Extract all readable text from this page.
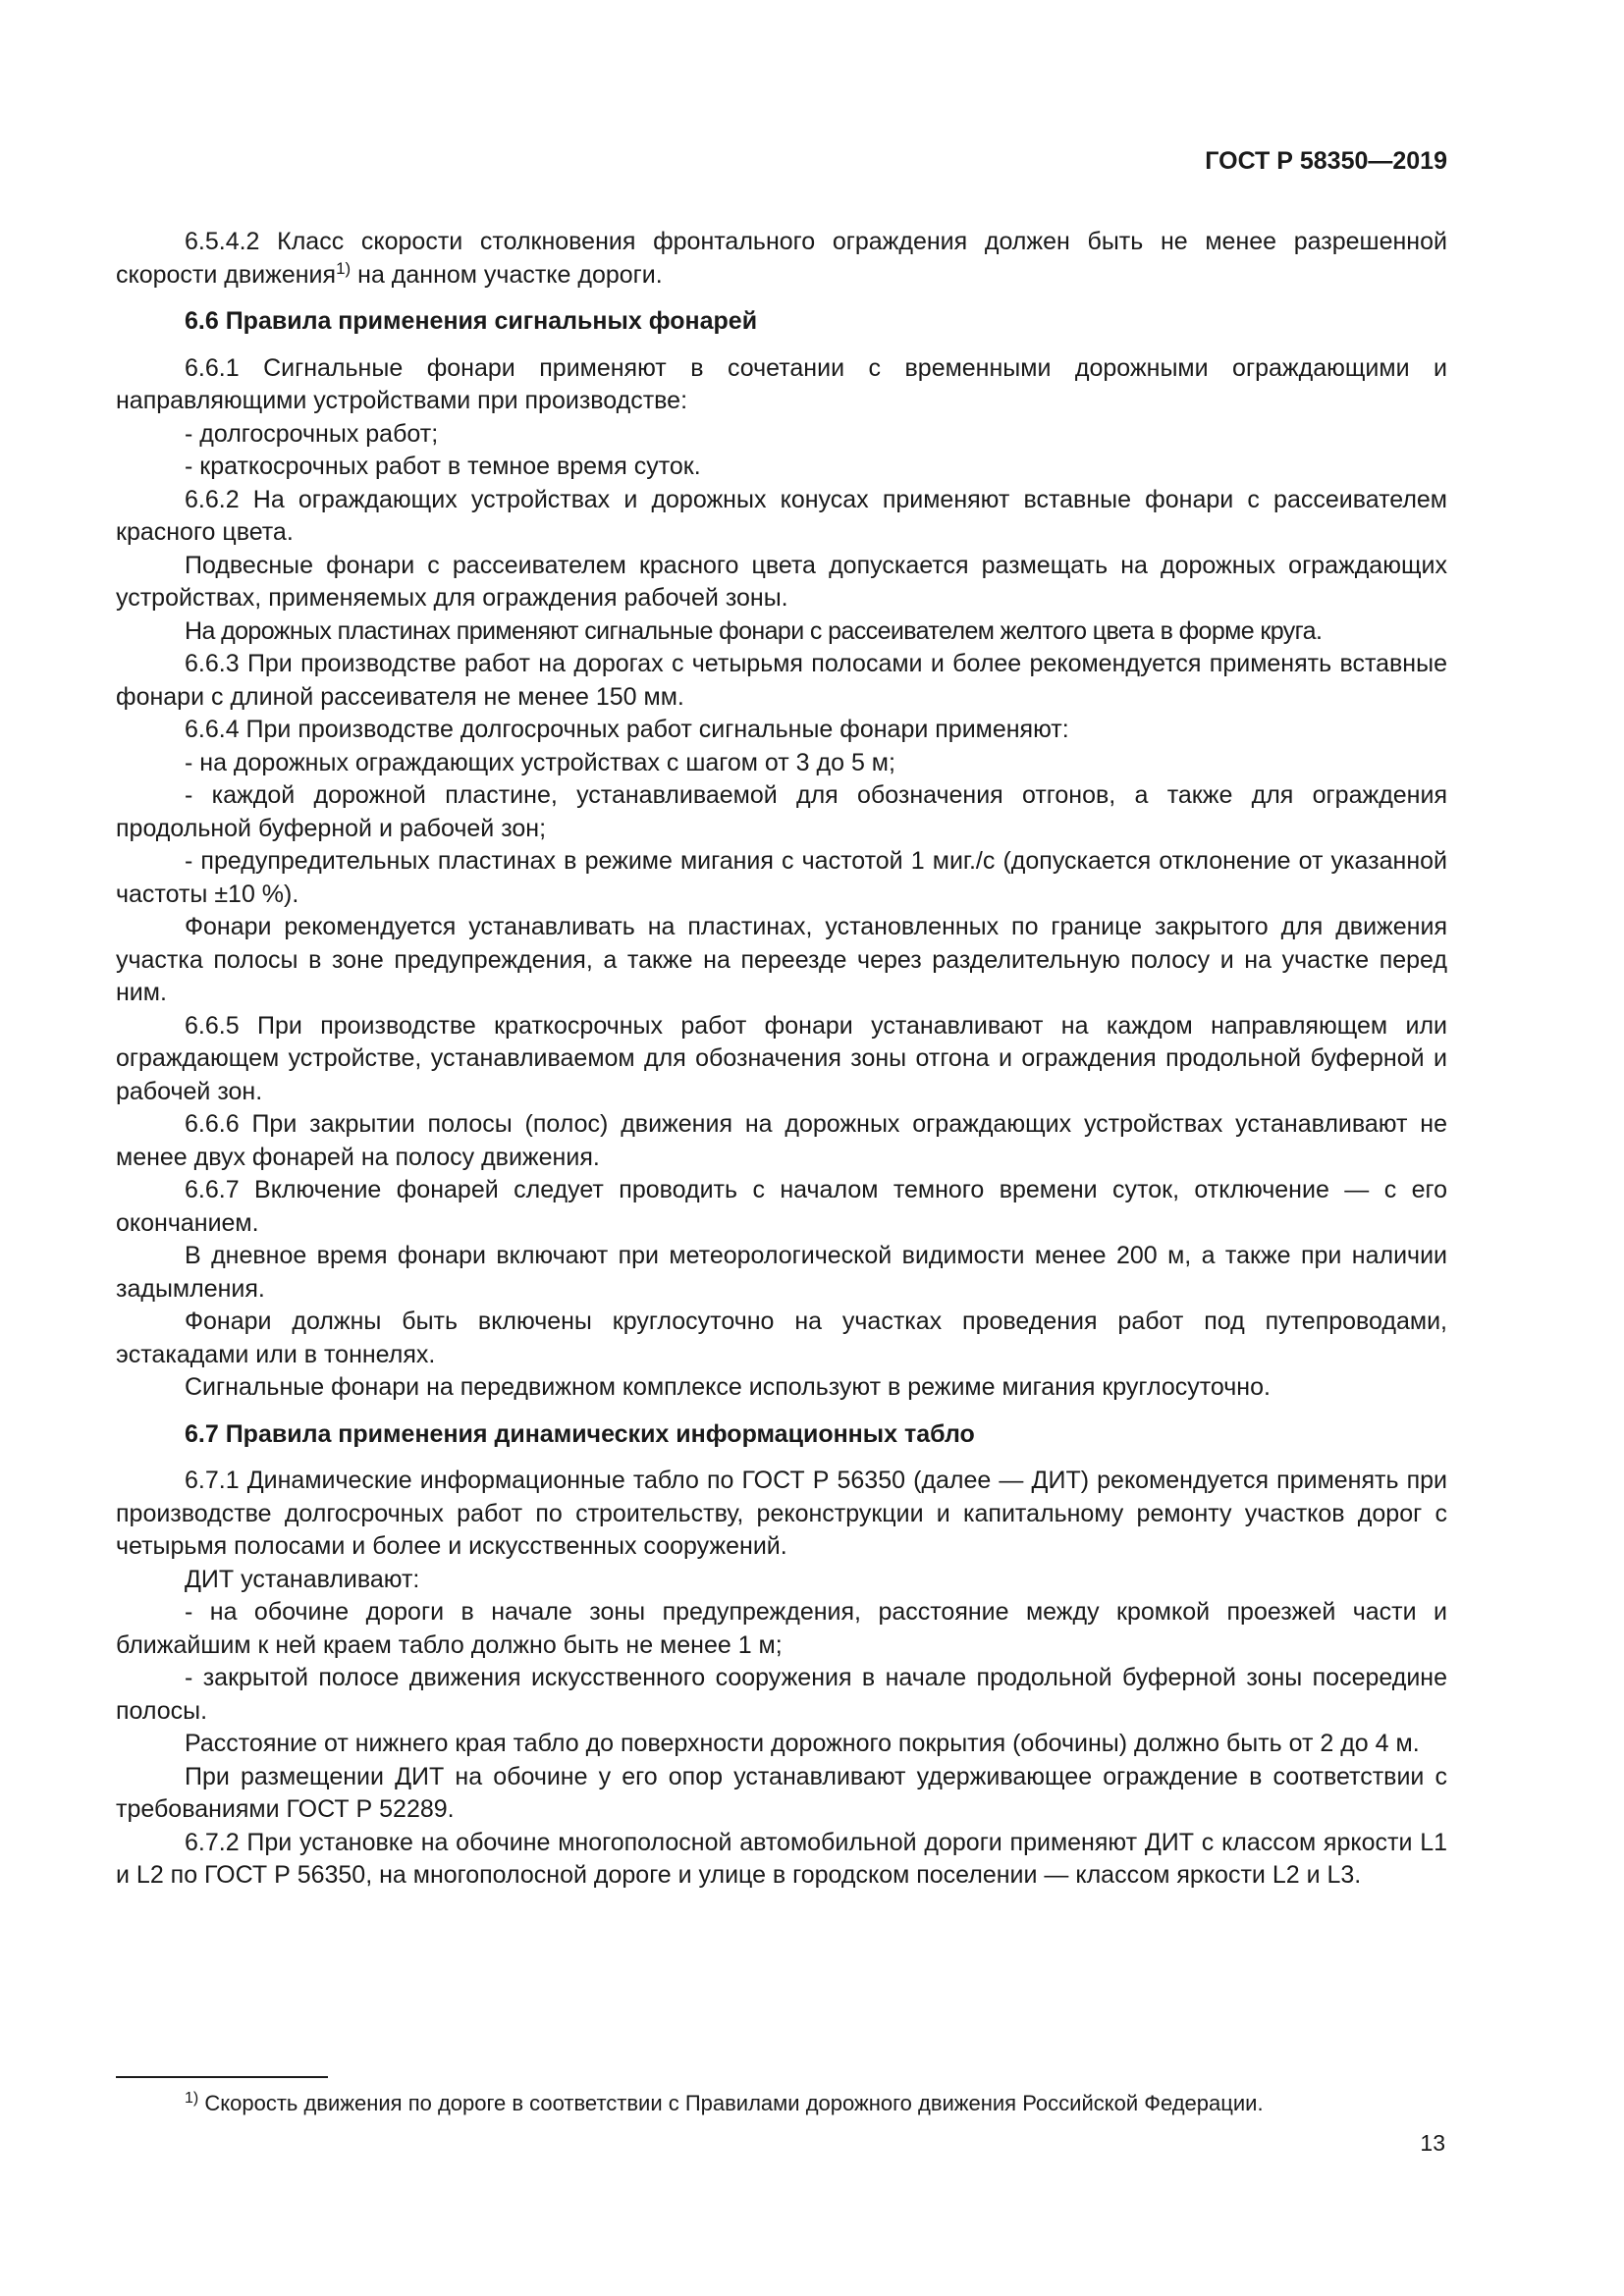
ГОСТ Р 58350—2019

6.5.4.2 Класс скорости столкновения фронтального ограждения должен быть не менее разрешенной скорости движения$^{1)}$ на данном участке дороги.

6.6 Правила применения сигнальных фонарей

6.6.1 Сигнальные фонари применяют в сочетании с временными дорожными ограждающими и направляющими устройствами при производстве:

- долгосрочных работ;

- краткосрочных работ в темное время суток.

6.6.2 На ограждающих устройствах и дорожных конусах применяют вставные фонари с рассеивателем красного цвета.

Подвесные фонари с рассеивателем красного цвета допускается размещать на дорожных ограждающих устройствах, применяемых для ограждения рабочей зоны.

На дорожных пластинах применяют сигнальные фонари с рассеивателем желтого цвета в форме круга.

6.6.3 При производстве работ на дорогах с четырьмя полосами и более рекомендуется применять вставные фонари с длиной рассеивателя не менее 150 мм.

6.6.4 При производстве долгосрочных работ сигнальные фонари применяют:

- на дорожных ограждающих устройствах с шагом от 3 до 5 м;

- каждой дорожной пластине, устанавливаемой для обозначения отгонов, а также для ограждения продольной буферной и рабочей зон;

- предупредительных пластинах в режиме мигания с частотой 1 миг./с (допускается отклонение от указанной частоты ±10 %).

Фонари рекомендуется устанавливать на пластинах, установленных по границе закрытого для движения участка полосы в зоне предупреждения, а также на переезде через разделительную полосу и на участке перед ним.

6.6.5 При производстве краткосрочных работ фонари устанавливают на каждом направляющем или ограждающем устройстве, устанавливаемом для обозначения зоны отгона и ограждения продольной буферной и рабочей зон.

6.6.6 При закрытии полосы (полос) движения на дорожных ограждающих устройствах устанавливают не менее двух фонарей на полосу движения.

6.6.7 Включение фонарей следует проводить с началом темного времени суток, отключение — с его окончанием.

В дневное время фонари включают при метеорологической видимости менее 200 м, а также при наличии задымления.

Фонари должны быть включены круглосуточно на участках проведения работ под путепроводами, эстакадами или в тоннелях.

Сигнальные фонари на передвижном комплексе используют в режиме мигания круглосуточно.

6.7 Правила применения динамических информационных табло

6.7.1 Динамические информационные табло по ГОСТ Р 56350 (далее — ДИТ) рекомендуется применять при производстве долгосрочных работ по строительству, реконструкции и капитальному ремонту участков дорог с четырьмя полосами и более и искусственных сооружений.

ДИТ устанавливают:

- на обочине дороги в начале зоны предупреждения, расстояние между кромкой проезжей части и ближайшим к ней краем табло должно быть не менее 1 м;

- закрытой полосе движения искусственного сооружения в начале продольной буферной зоны посередине полосы.

Расстояние от нижнего края табло до поверхности дорожного покрытия (обочины) должно быть от 2 до 4 м.

При размещении ДИТ на обочине у его опор устанавливают удерживающее ограждение в соответствии с требованиями ГОСТ Р 52289.

6.7.2 При установке на обочине многополосной автомобильной дороги применяют ДИТ с классом яркости L1 и L2 по ГОСТ Р 56350, на многополосной дороге и улице в городском поселении — классом яркости L2 и L3.

$^{1)}$ Скорость движения по дороге в соответствии с Правилами дорожного движения Российской Федерации.
13
